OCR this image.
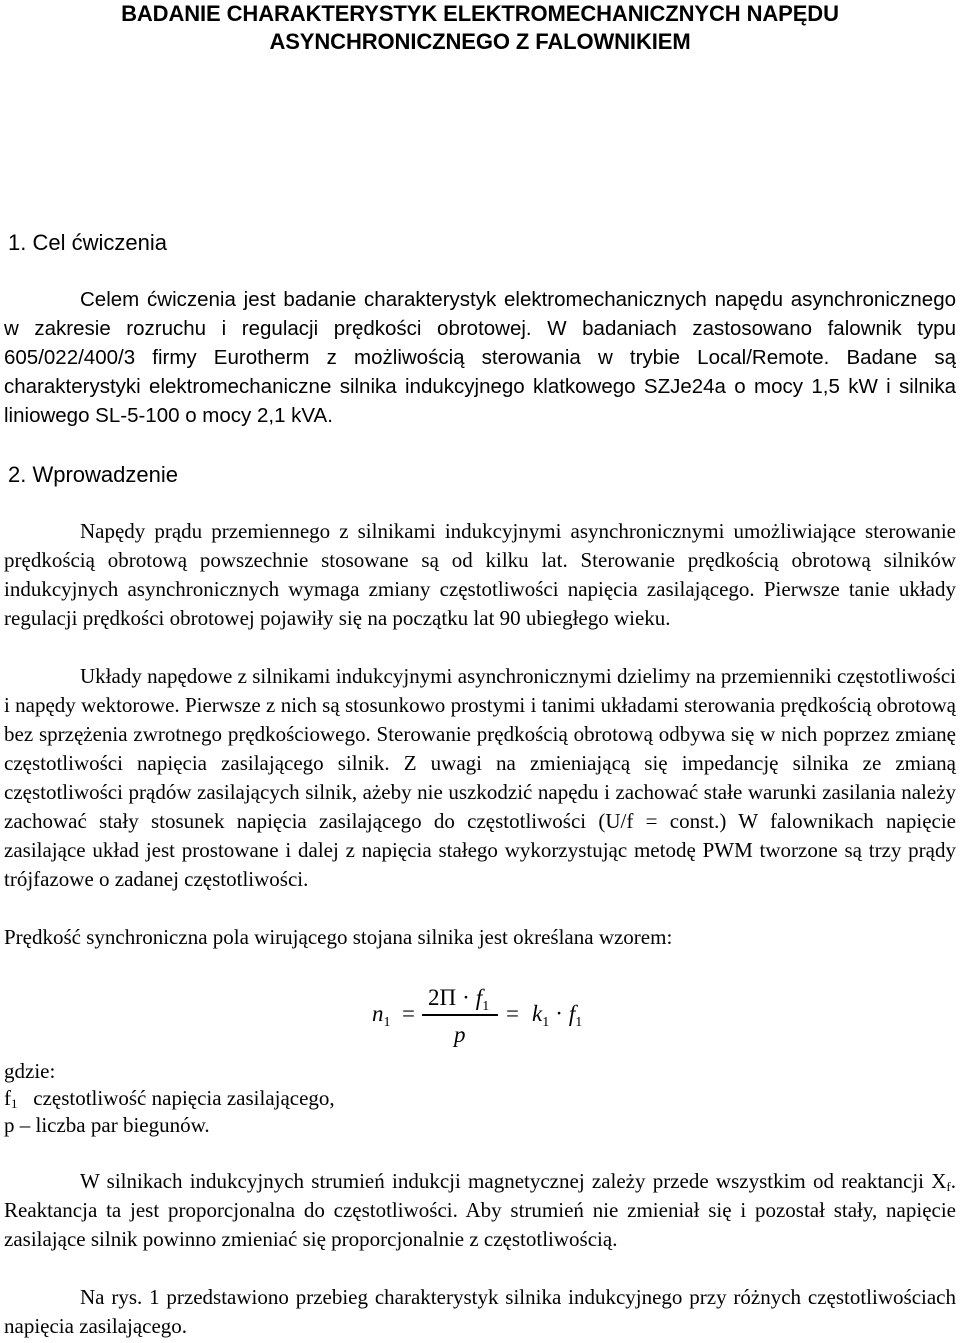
BADANIE CHARAKTERYSTYK ELEKTROMECHANICZNYCH NAPĘDU
ASYNCHRONICZNEGO Z FALOWNIKIEM
1. Cel ćwiczenia
Celem ćwiczenia jest badanie charakterystyk elektromechanicznych napędu asynchronicznego w zakresie rozruchu i regulacji prędkości obrotowej. W badaniach zastosowano falownik typu 605/022/400/3 firmy Eurotherm z możliwością sterowania w trybie Local/Remote. Badane są charakterystyki elektromechaniczne silnika indukcyjnego klatkowego SZJe24a o mocy 1,5 kW i silnika liniowego SL-5-100 o mocy 2,1 kVA.
2. Wprowadzenie
Napędy prądu przemiennego z silnikami indukcyjnymi asynchronicznymi umożliwiające sterowanie prędkością obrotową powszechnie stosowane są od kilku lat. Sterowanie prędkością obrotową silników indukcyjnych asynchronicznych wymaga zmiany częstotliwości napięcia zasilającego. Pierwsze tanie układy regulacji prędkości obrotowej pojawiły się na początku lat 90 ubiegłego wieku.
Układy napędowe z silnikami indukcyjnymi asynchronicznymi dzielimy na przemienniki częstotliwości i napędy wektorowe. Pierwsze z nich są stosunkowo prostymi i tanimi układami sterowania prędkością obrotową bez sprzężenia zwrotnego prędkościowego. Sterowanie prędkością obrotową odbywa się w nich poprzez zmianę częstotliwości napięcia zasilającego silnik. Z uwagi na zmieniającą się impedancję silnika ze zmianą częstotliwości prądów zasilających silnik, ażeby nie uszkodzić napędu i zachować stałe warunki zasilania należy zachować stały stosunek napięcia zasilającego do częstotliwości (U/f = const.) W falownikach napięcie zasilające układ jest prostowane i dalej z napięcia stałego wykorzystując metodę PWM tworzone są trzy prądy trójfazowe o zadanej częstotliwości.
Prędkość synchroniczna pola wirującego stojana silnika jest określana wzorem:
$n_1$ =
$2\Pi \cdot f_1$
p
= $k_1 \cdot f_1$
gdzie:
$f_1$ częstotliwość napięcia zasilającego,
p – liczba par biegunów.
W silnikach indukcyjnych strumień indukcji magnetycznej zależy przede wszystkim od reaktancji $X_f$. Reaktancja ta jest proporcjonalna do częstotliwości. Aby strumień nie zmieniał się i pozostał stały, napięcie zasilające silnik powinno zmieniać się proporcjonalnie z częstotliwością.
Na rys. 1 przedstawiono przebieg charakterystyk silnika indukcyjnego przy różnych częstotliwościach napięcia zasilającego.
